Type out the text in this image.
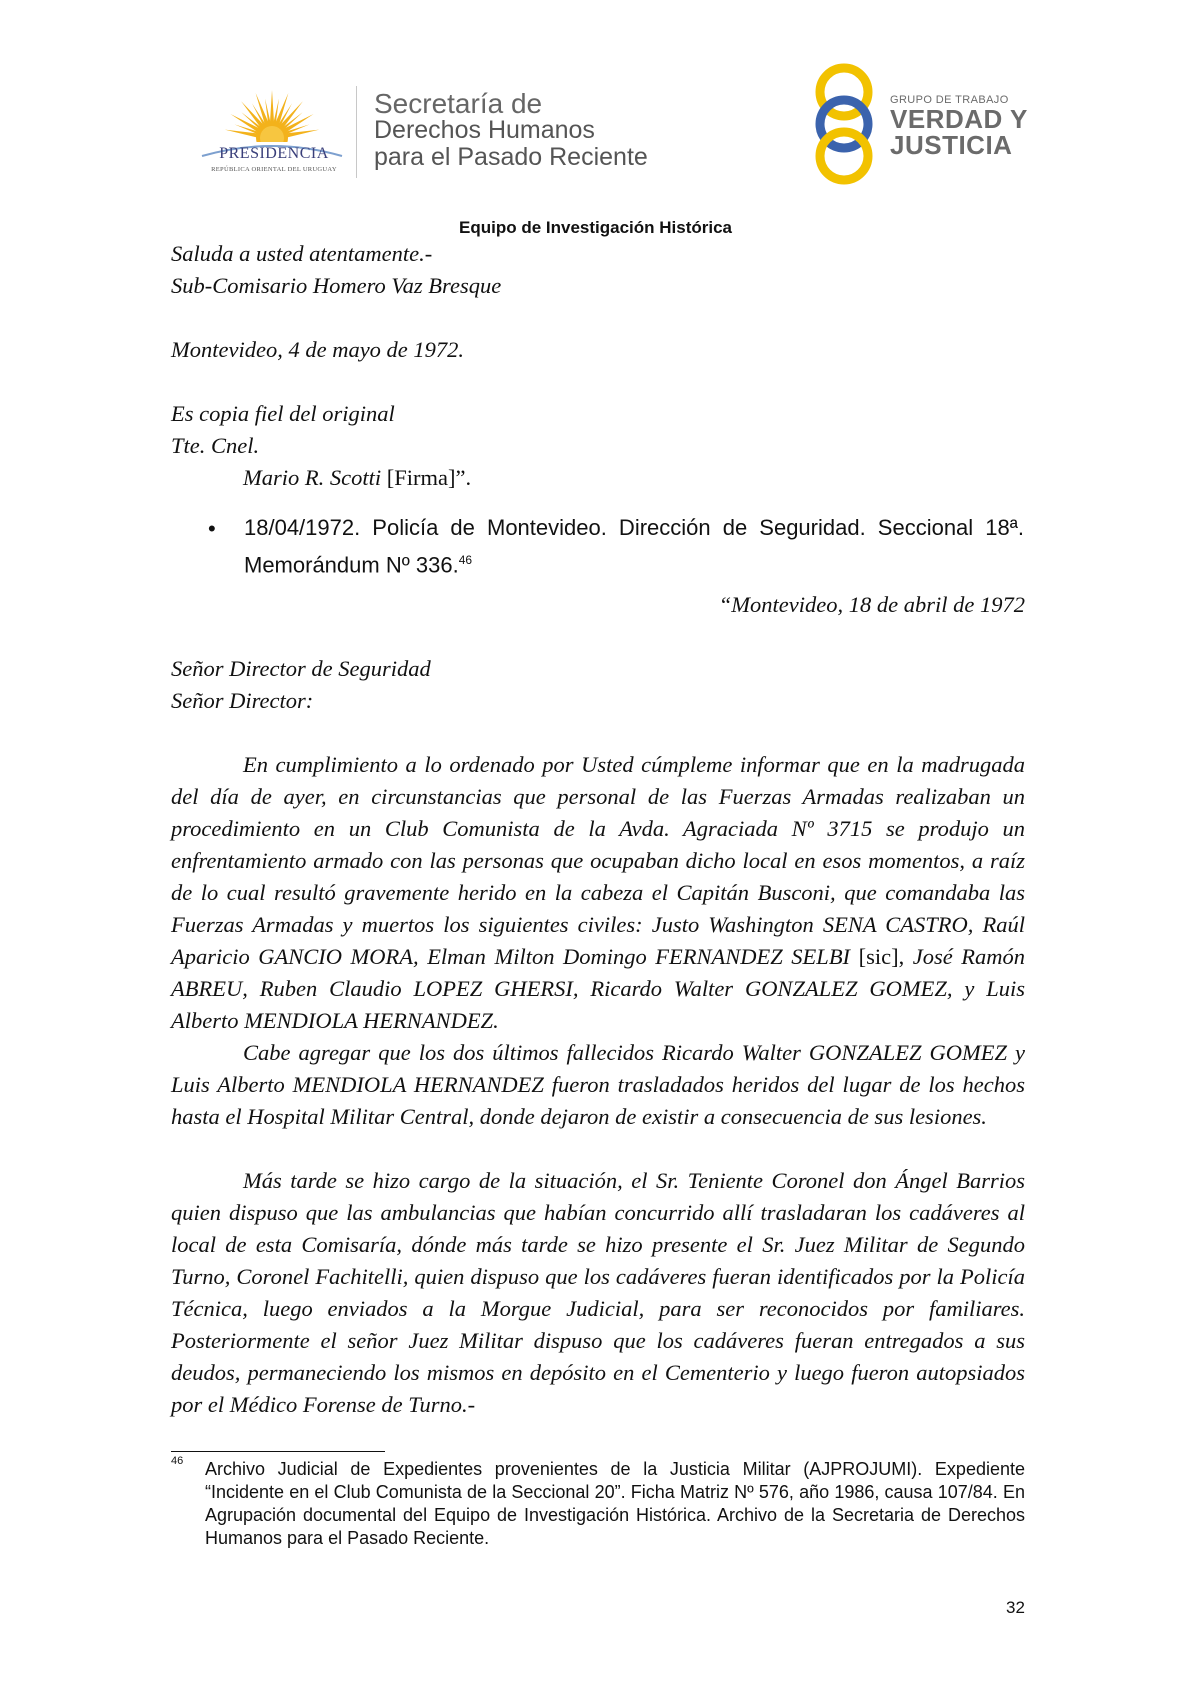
PRESIDENCIA
REPÚBLICA ORIENTAL DEL URUGUAY
Secretaría de
Derechos Humanos
para el Pasado Reciente
GRUPO DE TRABAJO
VERDAD Y
JUSTICIA
Equipo de Investigación Histórica
Saluda a usted atentamente.-
Sub-Comisario Homero Vaz Bresque
Montevideo, 4 de mayo de 1972.
Es copia fiel del original
Tte. Cnel.
Mario R. Scotti [Firma]”.
• 18/04/1972. Policía de Montevideo. Dirección de Seguridad. Seccional 18ª. Memorándum Nº 336.46
“Montevideo, 18 de abril de 1972
Señor Director de Seguridad
Señor Director:

En cumplimiento a lo ordenado por Usted cúmpleme informar que en la madrugada del día de ayer, en circunstancias que personal de las Fuerzas Armadas realizaban un procedimiento en un Club Comunista de la Avda. Agraciada Nº 3715 se produjo un enfrentamiento armado con las personas que ocupaban dicho local en esos momentos, a raíz de lo cual resultó gravemente herido en la cabeza el Capitán Busconi, que comandaba las Fuerzas Armadas y muertos los siguientes civiles: Justo Washington SENA CASTRO, Raúl Aparicio GANCIO MORA, Elman Milton Domingo FERNANDEZ SELBI [sic], José Ramón ABREU, Ruben Claudio LOPEZ GHERSI, Ricardo Walter GONZALEZ GOMEZ, y Luis Alberto MENDIOLA HERNANDEZ.

Cabe agregar que los dos últimos fallecidos Ricardo Walter GONZALEZ GOMEZ y Luis Alberto MENDIOLA HERNANDEZ fueron trasladados heridos del lugar de los hechos hasta el Hospital Militar Central, donde dejaron de existir a consecuencia de sus lesiones.

Más tarde se hizo cargo de la situación, el Sr. Teniente Coronel don Ángel Barrios quien dispuso que las ambulancias que habían concurrido allí trasladaran los cadáveres al local de esta Comisaría, dónde más tarde se hizo presente el Sr. Juez Militar de Segundo Turno, Coronel Fachitelli, quien dispuso que los cadáveres fueran identificados por la Policía Técnica, luego enviados a la Morgue Judicial, para ser reconocidos por familiares. Posteriormente el señor Juez Militar dispuso que los cadáveres fueran entregados a sus deudos, permaneciendo los mismos en depósito en el Cementerio y luego fueron autopsiados por el Médico Forense de Turno.-

46 Archivo Judicial de Expedientes provenientes de la Justicia Militar (AJPROJUMI). Expediente “Incidente en el Club Comunista de la Seccional 20”. Ficha Matriz Nº 576, año 1986, causa 107/84. En Agrupación documental del Equipo de Investigación Histórica. Archivo de la Secretaria de Derechos Humanos para el Pasado Reciente.

32
